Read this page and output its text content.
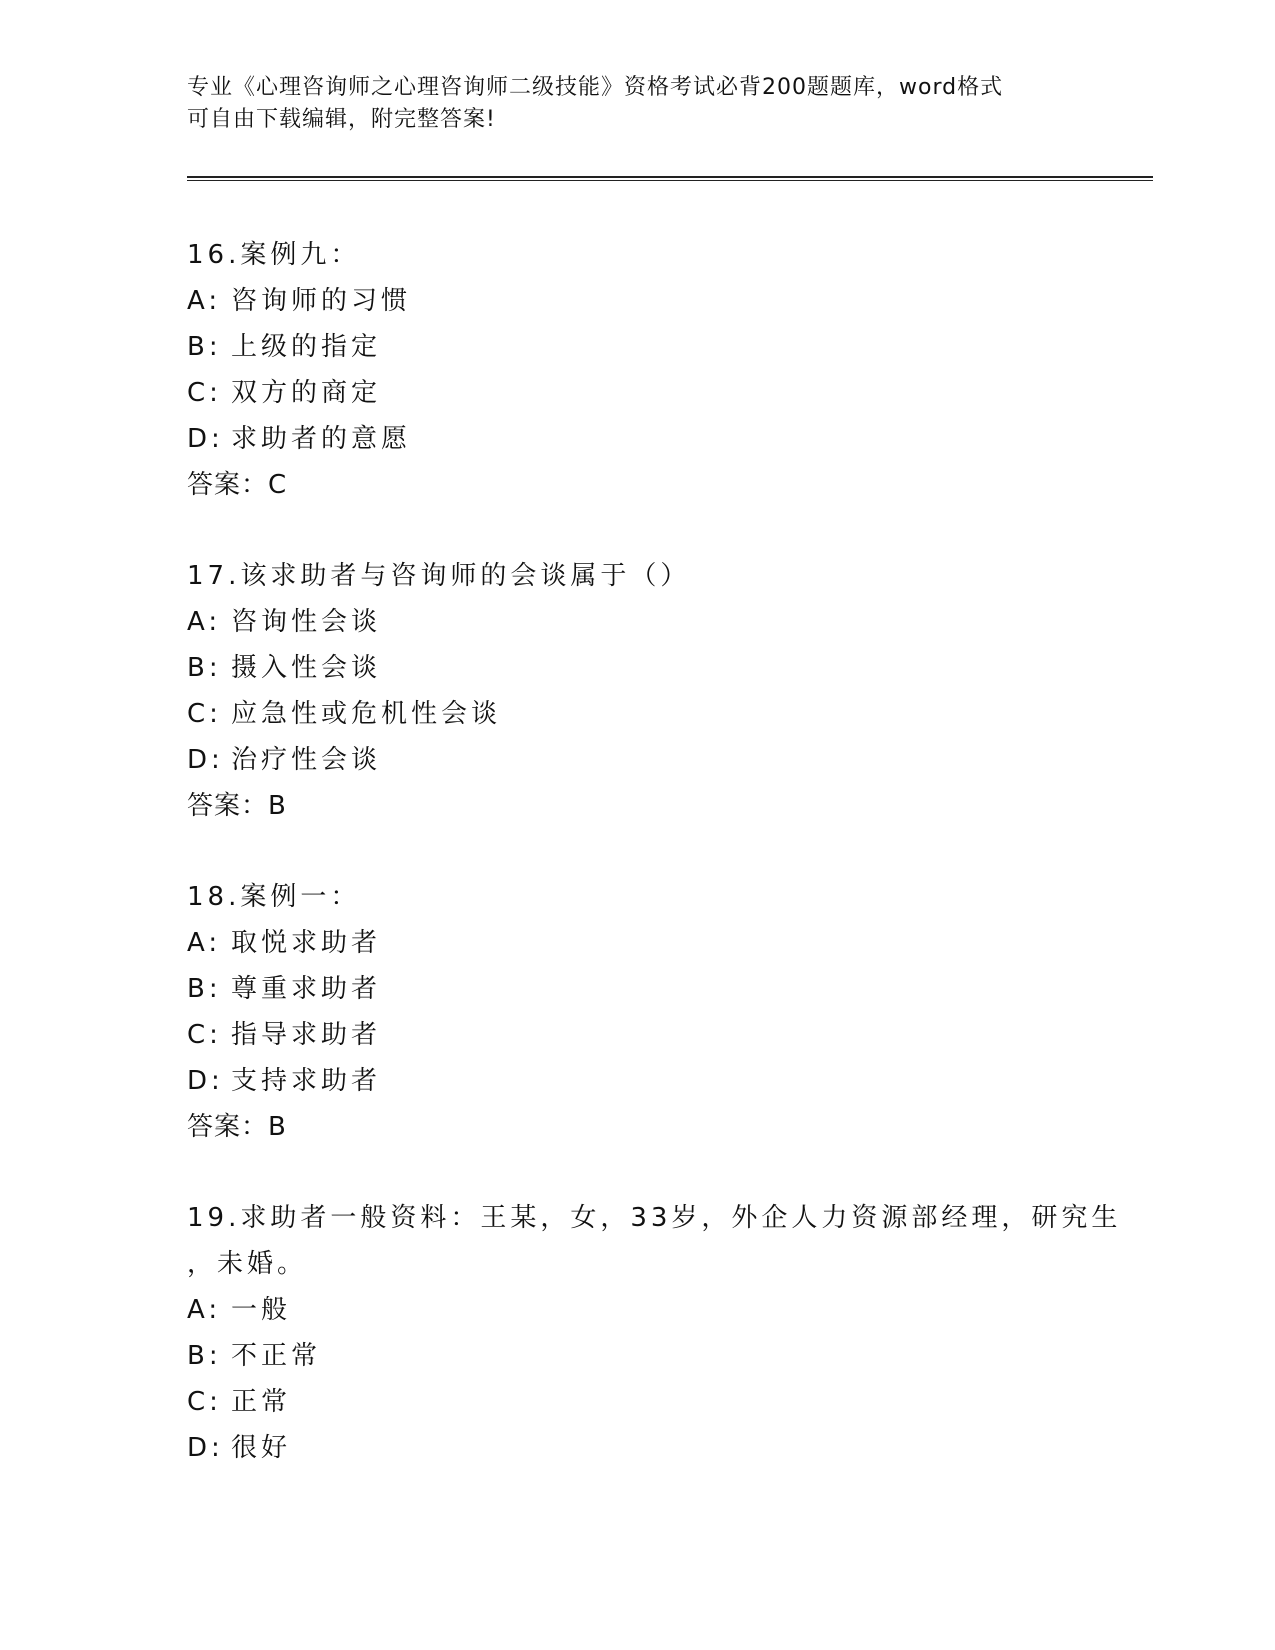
专业《心理咨询师之心理咨询师二级技能》资格考试必背200题题库，word格式
可自由下载编辑，附完整答案!
16.案例九：
A: 咨询师的习惯
B: 上级的指定
C: 双方的商定
D: 求助者的意愿
答案：C
17.该求助者与咨询师的会谈属于（）
A: 咨询性会谈
B: 摄入性会谈
C: 应急性或危机性会谈
D: 治疗性会谈
答案：B
18.案例一：
A: 取悦求助者
B: 尊重求助者
C: 指导求助者
D: 支持求助者
答案：B
19.求助者一般资料：王某，女，33岁，外企人力资源部经理，研究生
，未婚。
A: 一般
B: 不正常
C: 正常
D: 很好
